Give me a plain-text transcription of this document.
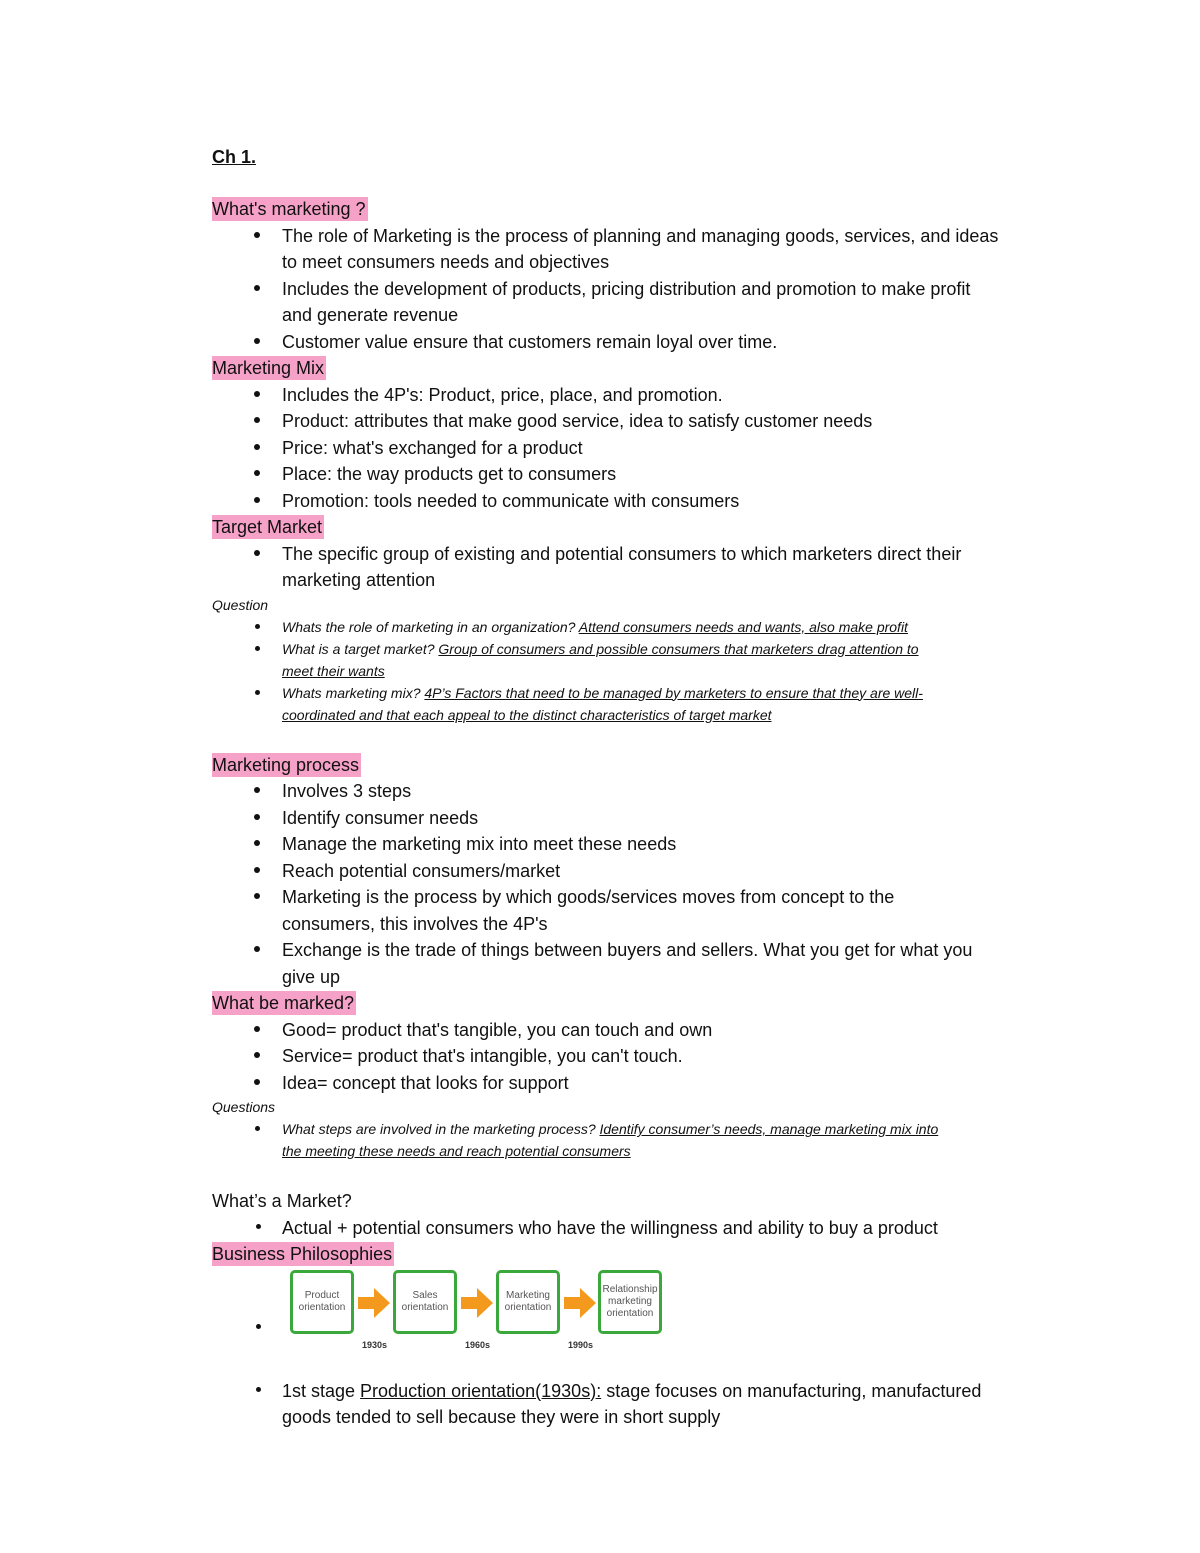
Ch 1.
What's marketing ?
The role of Marketing is the process of planning and managing goods, services, and ideas
to meet consumers needs and objectives
Includes the development of products, pricing distribution and promotion to make profit
and generate revenue
Customer value ensure that customers remain loyal over time.
Marketing Mix
Includes the 4P's: Product, price, place, and promotion.
Product: attributes that make good service, idea to satisfy customer needs
Price: what's exchanged for a product
Place: the way products get to consumers
Promotion: tools needed to communicate with consumers
Target Market
The specific group of existing and potential consumers to which marketers direct their
marketing attention
Question
Whats the role of marketing in an organization? Attend consumers needs and wants, also make profit
What is a target market? Group of consumers and possible consumers that marketers drag attention to
meet their wants
Whats marketing mix? 4P’s Factors that need to be managed by marketers to ensure that they are well-
coordinated and that each appeal to the distinct characteristics of target market
Marketing process
Involves 3 steps
Identify consumer needs
Manage the marketing mix into meet these needs
Reach potential consumers/market
Marketing is the process by which goods/services moves from concept to the
consumers, this involves the 4P's
Exchange is the trade of things between buyers and sellers. What you get for what you
give up
What be marked?
Good= product that's tangible, you can touch and own
Service= product that's intangible, you can't touch.
Idea= concept that looks for support
Questions
What steps are involved in the marketing process? Identify consumer’s needs, manage marketing mix into
the meeting these needs and reach potential consumers
What’s a Market?
Actual + potential consumers who have the willingness and ability to buy a product
Business Philosophies
Product orientation
1930s
Sales orientation
1960s
Marketing orientation
1990s
Relationship marketing orientation
1st stage Production orientation(1930s): stage focuses on manufacturing, manufactured
goods tended to sell because they were in short supply
